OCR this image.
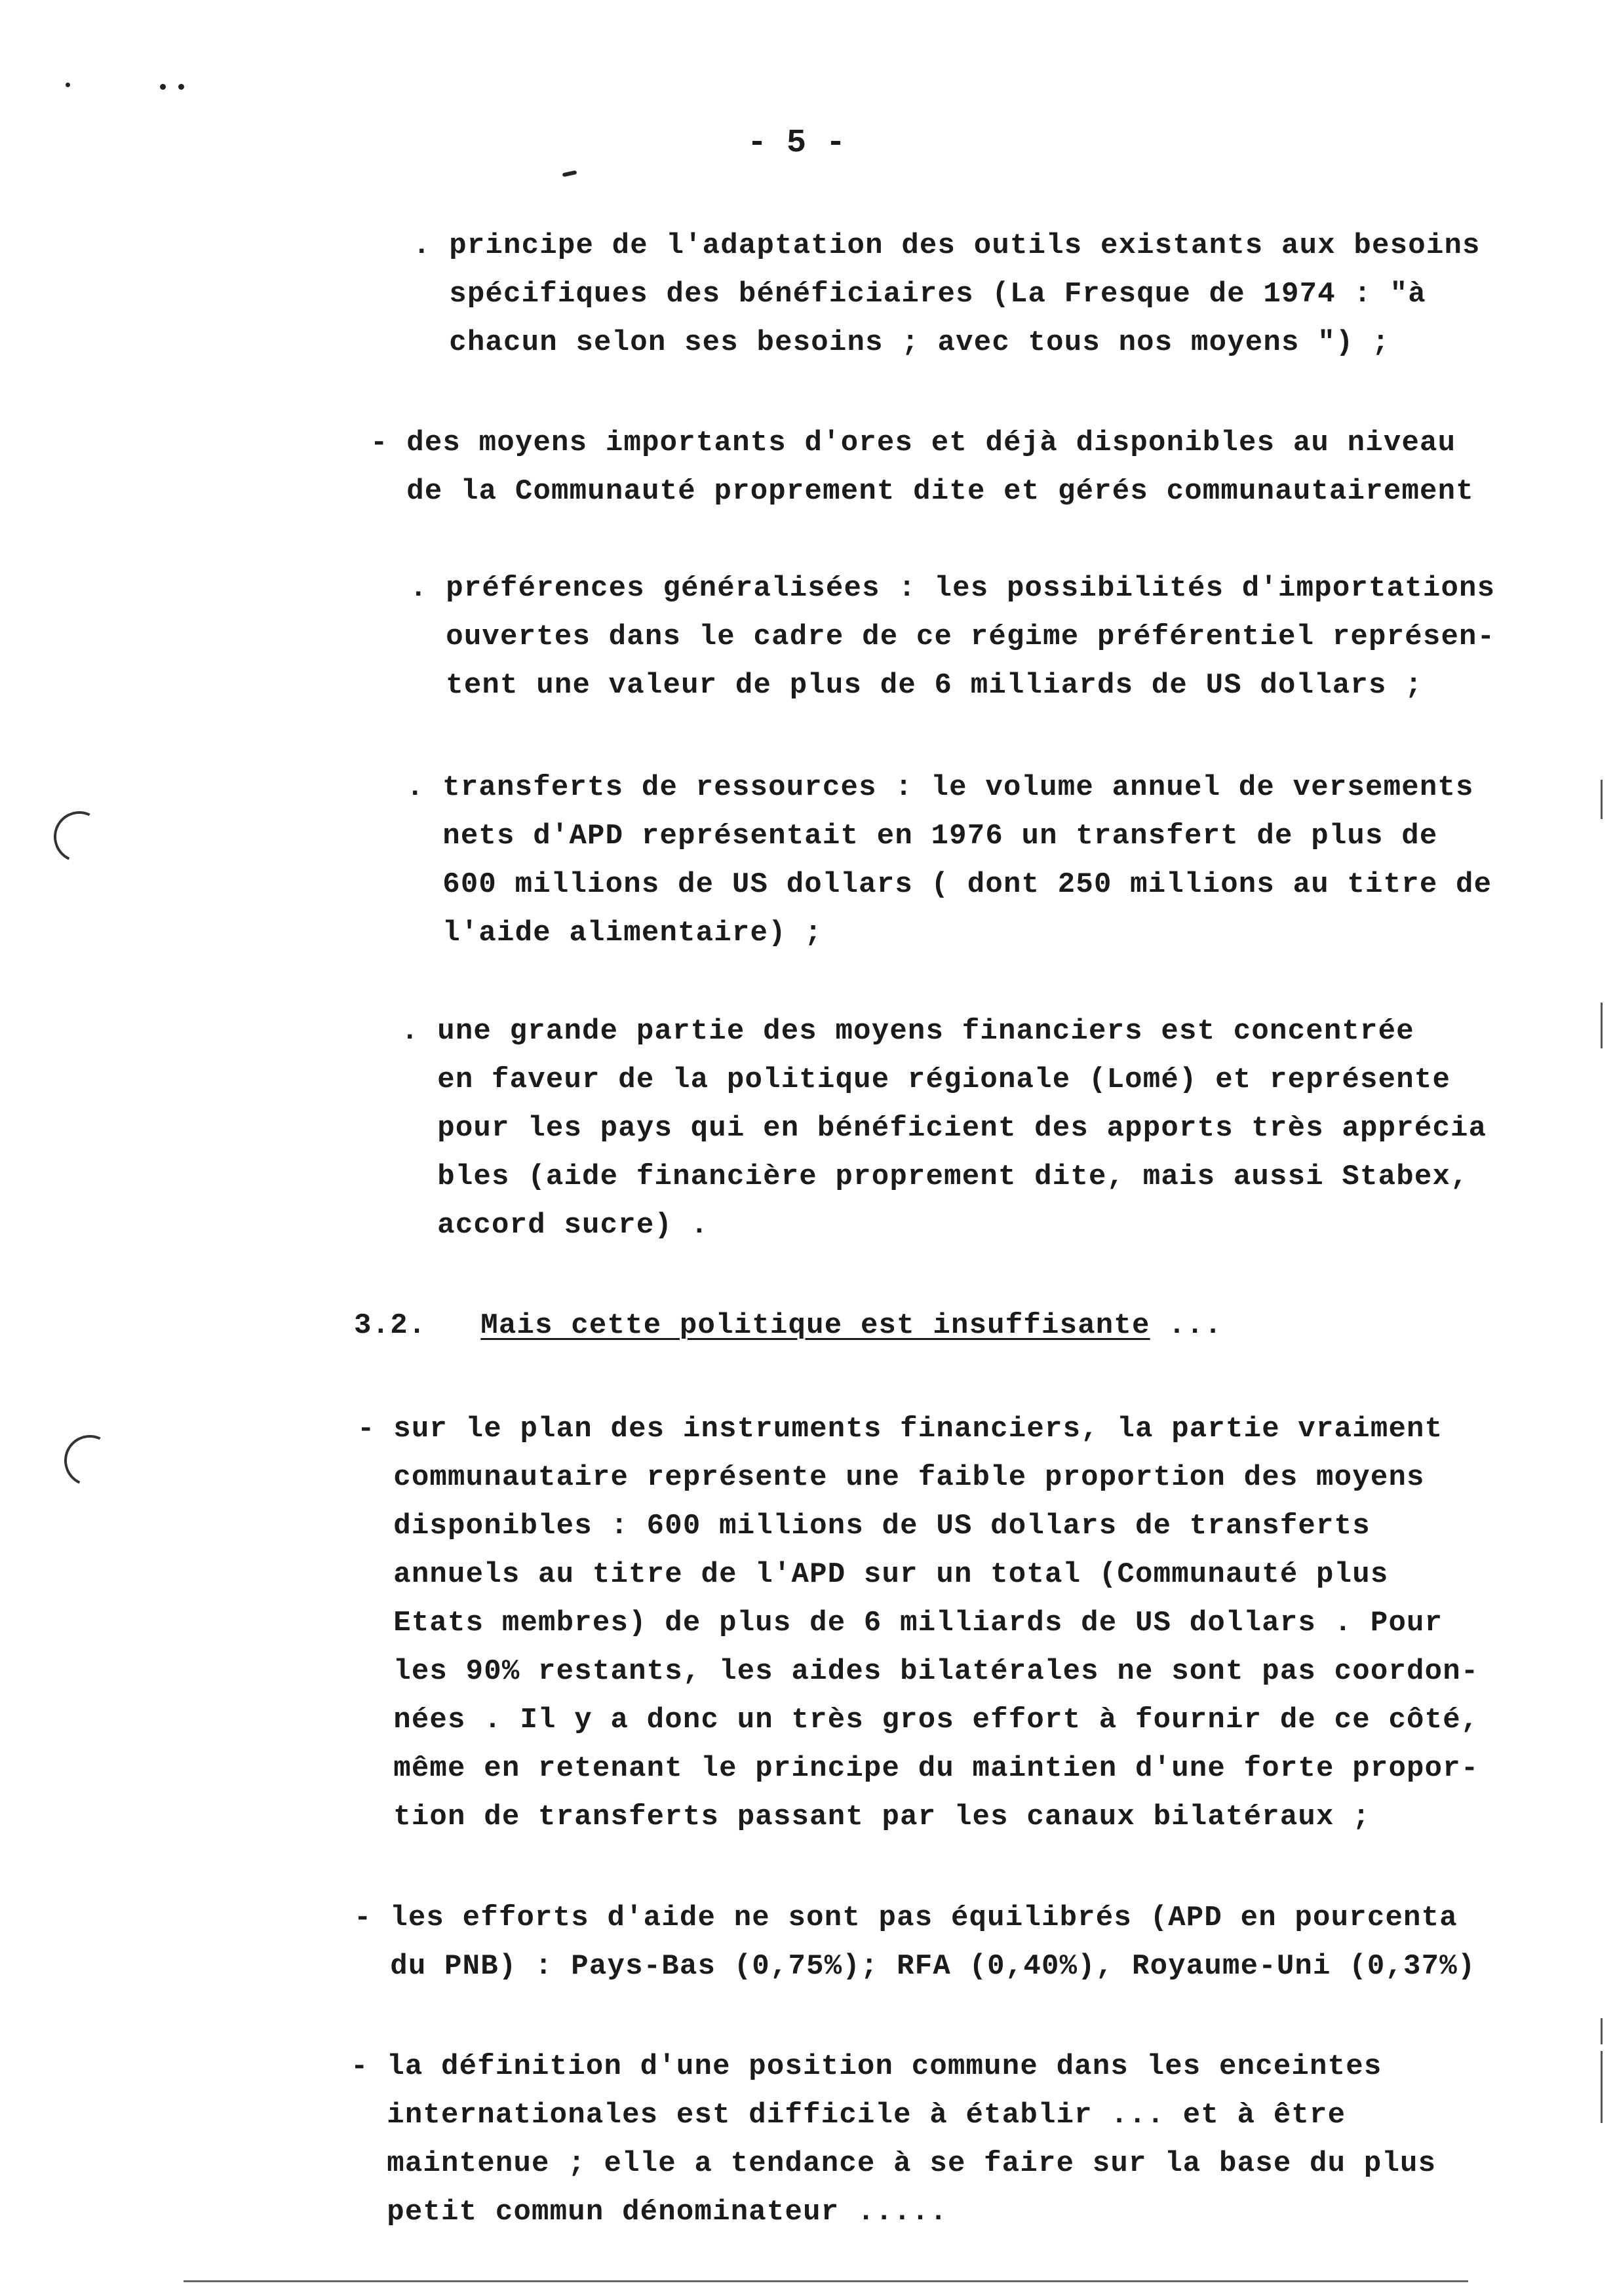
- 5 -
. principe de l'adaptation des outils existants aux besoins
spécifiques des bénéficiaires (La Fresque de 1974 : "à
chacun selon ses besoins ; avec tous nos moyens ") ;
- des moyens importants d'ores et déjà disponibles au niveau
de la Communauté proprement dite et gérés communautairement
. préférences généralisées : les possibilités d'importations
ouvertes dans le cadre de ce régime préférentiel représen-
tent une valeur de plus de 6 milliards de US dollars ;
. transferts de ressources : le volume annuel de versements
nets d'APD représentait en 1976 un transfert de plus de
600 millions de US dollars ( dont 250 millions au titre de
l'aide alimentaire) ;
. une grande partie des moyens financiers est concentrée
en faveur de la politique régionale (Lomé) et représente
pour les pays qui en bénéficient des apports très apprécia
bles (aide financière proprement dite, mais aussi Stabex,
accord sucre) .
3.2. Mais cette politique est insuffisante ...
- sur le plan des instruments financiers, la partie vraiment
communautaire représente une faible proportion des moyens
disponibles : 600 millions de US dollars de transferts
annuels au titre de l'APD sur un total (Communauté plus
Etats membres) de plus de 6 milliards de US dollars . Pour
les 90% restants, les aides bilatérales ne sont pas coordon-
nées . Il y a donc un très gros effort à fournir de ce côté,
même en retenant le principe du maintien d'une forte propor-
tion de transferts passant par les canaux bilatéraux ;
- les efforts d'aide ne sont pas équilibrés (APD en pourcenta
du PNB) : Pays-Bas (0,75%); RFA (0,40%), Royaume-Uni (0,37%)
- la définition d'une position commune dans les enceintes
internationales est difficile à établir ... et à être
maintenue ; elle a tendance à se faire sur la base du plus
petit commun dénominateur .....
